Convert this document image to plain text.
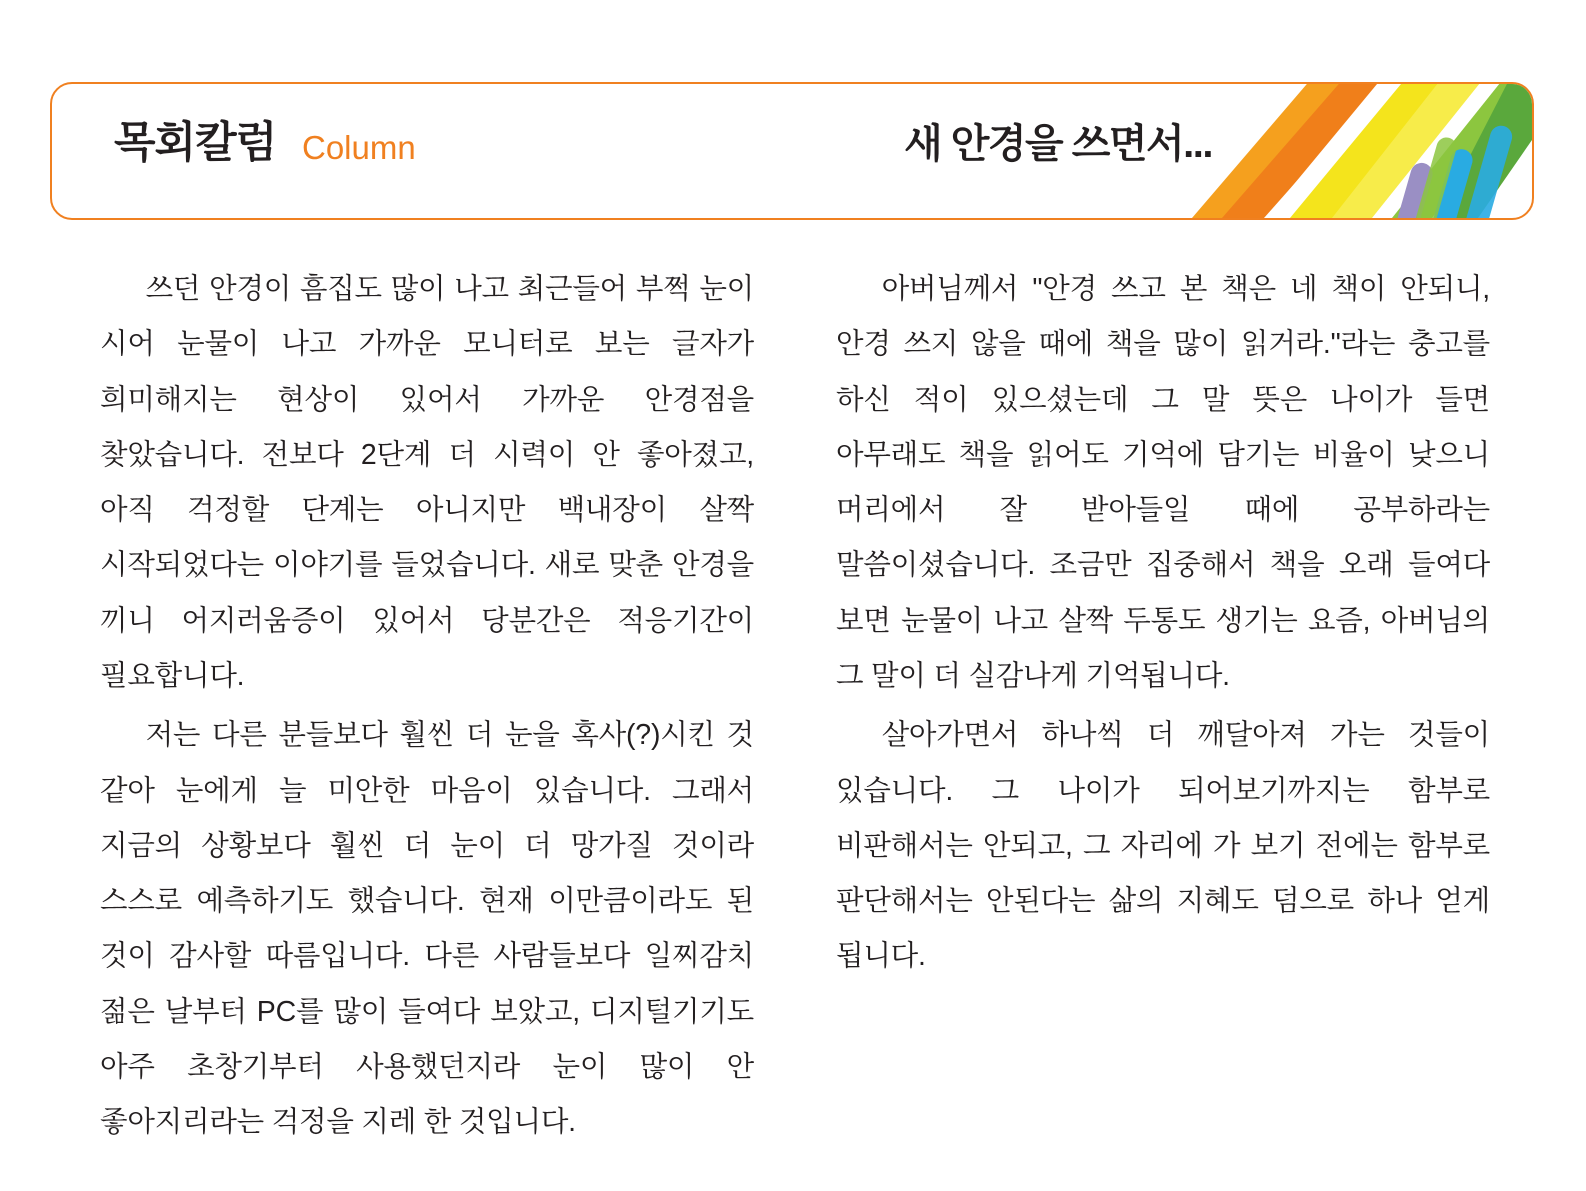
목회칼럼 Column	새 안경을 쓰면서...

쓰던 안경이 흠집도 많이 나고 최근들어 부쩍 눈이 시어 눈물이 나고 가까운 모니터로 보는 글자가 희미해지는 현상이 있어서 가까운 안경점을 찾았습니다. 전보다 2단계 더 시력이 안 좋아졌고, 아직 걱정할 단계는 아니지만 백내장이 살짝 시작되었다는 이야기를 들었습니다. 새로 맞춘 안경을 끼니 어지러움증이 있어서 당분간은 적응기간이 필요합니다.

저는 다른 분들보다 훨씬 더 눈을 혹사(?)시킨 것 같아 눈에게 늘 미안한 마음이 있습니다. 그래서 지금의 상황보다 훨씬 더 눈이 더 망가질 것이라 스스로 예측하기도 했습니다. 현재 이만큼이라도 된 것이 감사할 따름입니다. 다른 사람들보다 일찌감치 젊은 날부터 PC를 많이 들여다 보았고, 디지털기기도 아주 초창기부터 사용했던지라 눈이 많이 안 좋아지리라는 걱정을 지레 한 것입니다.

아버님께서 "안경 쓰고 본 책은 네 책이 안되니, 안경 쓰지 않을 때에 책을 많이 읽거라."라는 충고를 하신 적이 있으셨는데 그 말 뜻은 나이가 들면 아무래도 책을 읽어도 기억에 담기는 비율이 낮으니 머리에서 잘 받아들일 때에 공부하라는 말씀이셨습니다. 조금만 집중해서 책을 오래 들여다 보면 눈물이 나고 살짝 두통도 생기는 요즘, 아버님의 그 말이 더 실감나게 기억됩니다.

살아가면서 하나씩 더 깨달아져 가는 것들이 있습니다. 그 나이가 되어보기까지는 함부로 비판해서는 안되고, 그 자리에 가 보기 전에는 함부로 판단해서는 안된다는 삶의 지혜도 덤으로 하나 얻게 됩니다.
